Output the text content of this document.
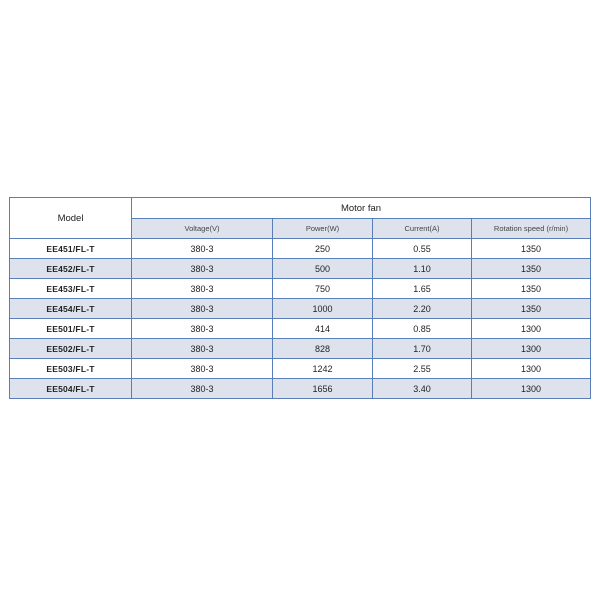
Model	Motor fan			
	Voltage(V)	Power(W)	Current(A)	Rotation speed (r/min)
EE451/FL-T	380-3	250	0.55	1350
EE452/FL-T	380-3	500	1.10	1350
EE453/FL-T	380-3	750	1.65	1350
EE454/FL-T	380-3	1000	2.20	1350
EE501/FL-T	380-3	414	0.85	1300
EE502/FL-T	380-3	828	1.70	1300
EE503/FL-T	380-3	1242	2.55	1300
EE504/FL-T	380-3	1656	3.40	1300
